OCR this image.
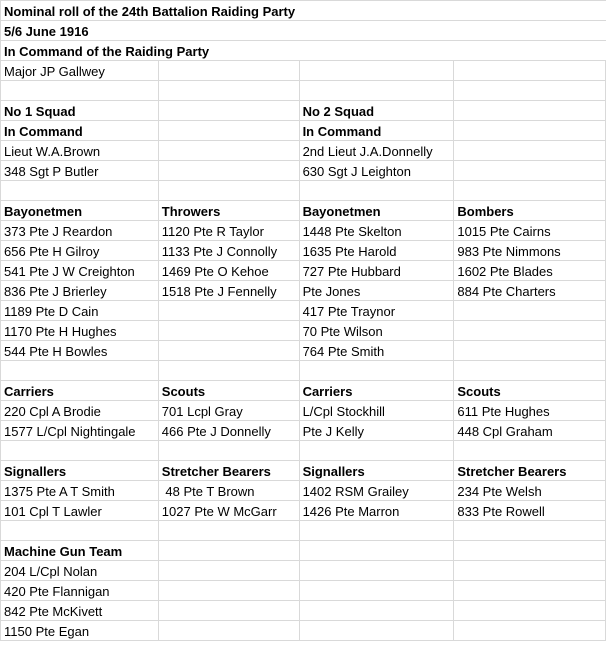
Nominal roll of the 24th Battalion Raiding Party			
5/6 June 1916			
In Command of the Raiding Party			
Major JP Gallwey			

No 1 Squad		No 2 Squad	
In Command		In Command	
Lieut W.A.Brown		2nd Lieut J.A.Donnelly	
348 Sgt P Butler		630 Sgt J Leighton	

Bayonetmen	Throwers	Bayonetmen	Bombers
373 Pte J Reardon	1120 Pte R Taylor	1448 Pte Skelton	1015 Pte Cairns
656 Pte H Gilroy	1133 Pte J Connolly	1635 Pte Harold	983 Pte Nimmons
541 Pte J W Creighton	1469 Pte O Kehoe	727 Pte Hubbard	1602 Pte Blades
836 Pte J Brierley	1518 Pte J Fennelly	Pte Jones	884 Pte Charters
1189 Pte D Cain		417 Pte Traynor	
1170 Pte H Hughes		70 Pte Wilson	
544 Pte H Bowles		764 Pte Smith	

Carriers	Scouts	Carriers	Scouts
220 Cpl A Brodie	701 Lcpl Gray	L/Cpl Stockhill	611 Pte Hughes
1577 L/Cpl Nightingale	466 Pte J Donnelly	Pte J Kelly	448 Cpl Graham

Signallers	Stretcher Bearers	Signallers	Stretcher Bearers
1375 Pte A T Smith	48 Pte T Brown	1402 RSM Grailey	234 Pte Welsh
101 Cpl T Lawler	1027 Pte W McGarr	1426 Pte Marron	833 Pte Rowell

Machine Gun Team			
204 L/Cpl Nolan			
420 Pte Flannigan			
842 Pte McKivett			
1150 Pte Egan			
